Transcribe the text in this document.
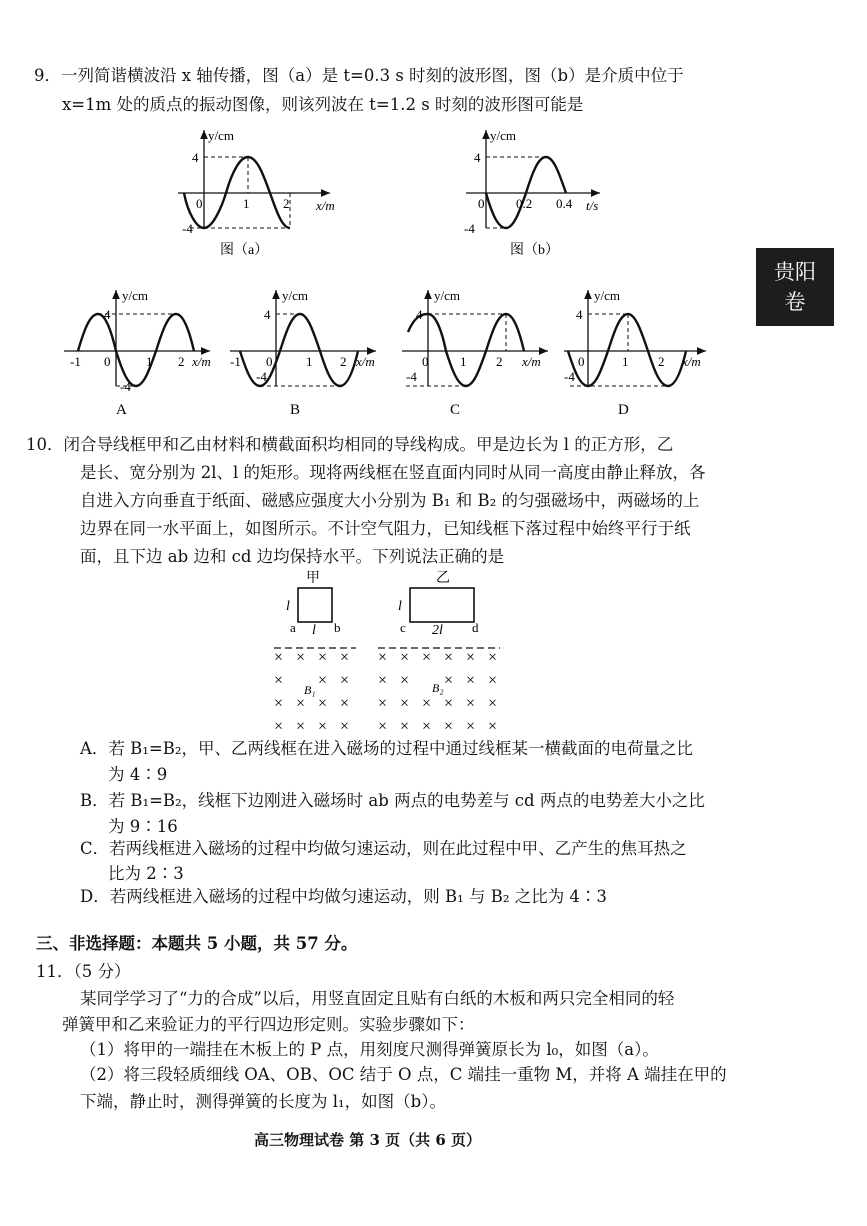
9．一列简谐横波沿 x 轴传播，图（a）是 t=0.3 s 时刻的波形图，图（b）是介质中位于
x=1m 处的质点的振动图像，则该列波在 t=1.2 s 时刻的波形图可能是
y/cm
x/m
4
-4
0	1	2
图（a）
y/cm
t/s
4
-4
0 0.2 0.4
图（b）
贵阳
卷
y/cm
x/m
4
-4
-1 0	1 2
A
y/cm
x/m
4
-4
-1 0	1 2
B
y/cm
x/m
4
-4
0 1 2
C
y/cm
x/m
4
-4
0	1 2
D
10．闭合导线框甲和乙由材料和横截面积均相同的导线构成。甲是边长为 l 的正方形，乙
是长、宽分别为 2l、l 的矩形。现将两线框在竖直面内同时从同一高度由静止释放，各
自进入方向垂直于纸面、磁感应强度大小分别为 B₁ 和 B₂ 的匀强磁场中，两磁场的上
边界在同一水平面上，如图所示。不计空气阻力，已知线框下落过程中始终平行于纸
面，且下边 ab 边和 cd 边均保持水平。下列说法正确的是
甲	乙
l	l
a l b	c 2l d
× × × ×
× × ×
× × × ×
× × × ×
× × × × × ×
× × × × ×
× × × × × ×
× × × × × ×
B₁	B₂
A．若 B₁=B₂，甲、乙两线框在进入磁场的过程中通过线框某一横截面的电荷量之比
为 4∶9
B．若 B₁=B₂，线框下边刚进入磁场时 ab 两点的电势差与 cd 两点的电势差大小之比
为 9∶16
C．若两线框进入磁场的过程中均做匀速运动，则在此过程中甲、乙产生的焦耳热之
比为 2∶3
D．若两线框进入磁场的过程中均做匀速运动，则 B₁ 与 B₂ 之比为 4∶3
三、非选择题：本题共 5 小题，共 57 分。
11．（5 分）
某同学学习了“力的合成”以后，用竖直固定且贴有白纸的木板和两只完全相同的轻
弹簧甲和乙来验证力的平行四边形定则。实验步骤如下：
（1）将甲的一端挂在木板上的 P 点，用刻度尺测得弹簧原长为 l₀，如图（a）。
（2）将三段轻质细线 OA、OB、OC 结于 O 点，C 端挂一重物 M，并将 A 端挂在甲的
下端，静止时，测得弹簧的长度为 l₁，如图（b）。
高三物理试卷 第 3 页（共 6 页）
